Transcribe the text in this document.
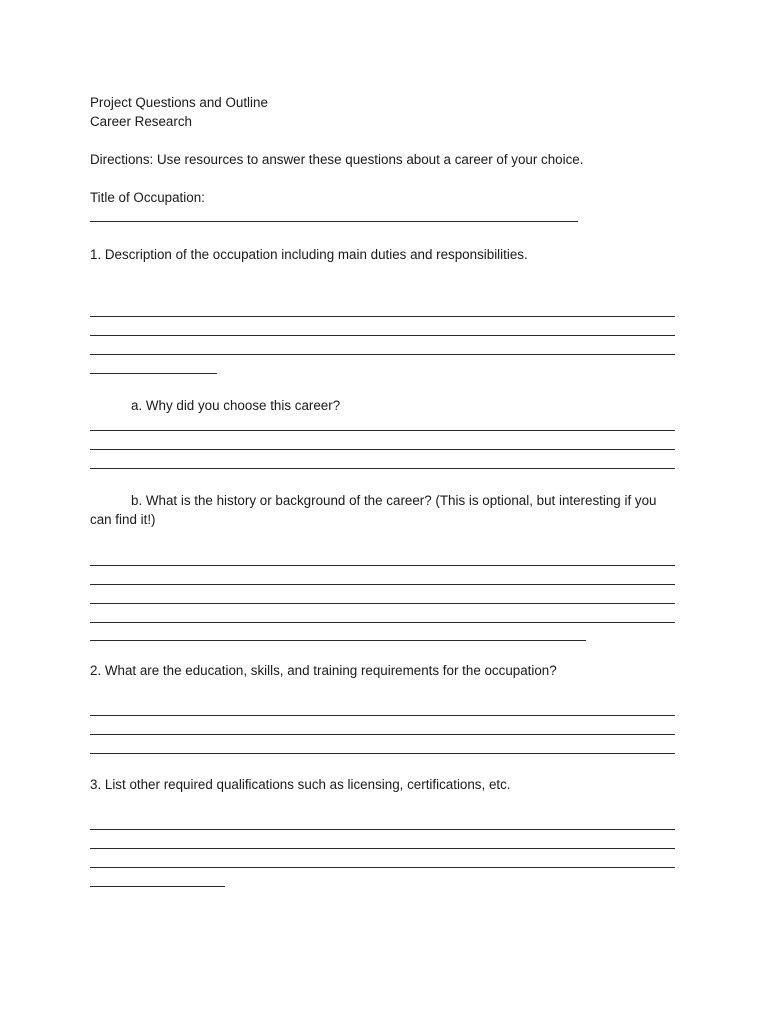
Project Questions and Outline

Career Research

Directions: Use resources to answer these questions about a career of your choice.

Title of Occupation:

1. Description of the occupation including main duties and responsibilities.

a. Why did you choose this career?

b. What is the history or background of the career? (This is optional, but interesting if you can find it!)

2. What are the education, skills, and training requirements for the occupation?

3. List other required qualifications such as licensing, certifications, etc.
